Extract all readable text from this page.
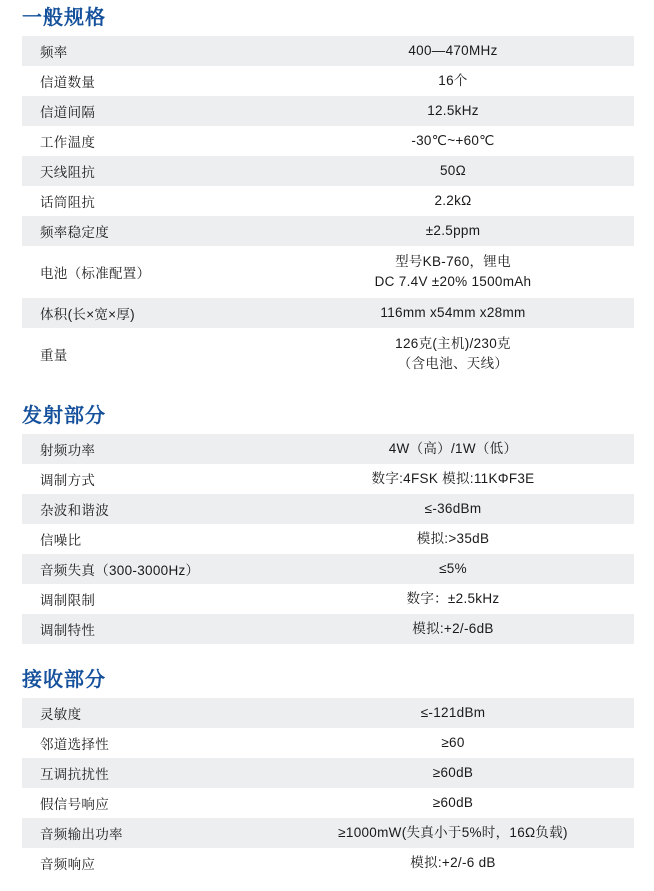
一般规格
频率	400—470MHz

信道数量	16个

信道间隔	12.5kHz

工作温度	-30℃~+60℃

天线阻抗	50Ω

话筒阻抗	2.2kΩ

频率稳定度	±2.5ppm

电池（标准配置）	型号KB-760，锂电
DC 7.4V ±20% 1500mAh

体积(长×宽×厚)	116mm x54mm x28mm

重量	126克(主机)/230克
（含电池、天线）
发射部分
射频功率	4W（高）/1W（低）

调制方式	数字:4FSK 模拟:11KΦF3E

杂波和谐波	≤-36dBm

信噪比	模拟:>35dB

音频失真（300-3000Hz）	≤5%

调制限制	数字：±2.5kHz

调制特性	模拟:+2/-6dB
接收部分
灵敏度	≤-121dBm

邻道选择性	≥60

互调抗扰性	≥60dB

假信号响应	≥60dB

音频输出功率	≥1000mW(失真小于5%时，16Ω负载)

音频响应	模拟:+2/-6 dB
